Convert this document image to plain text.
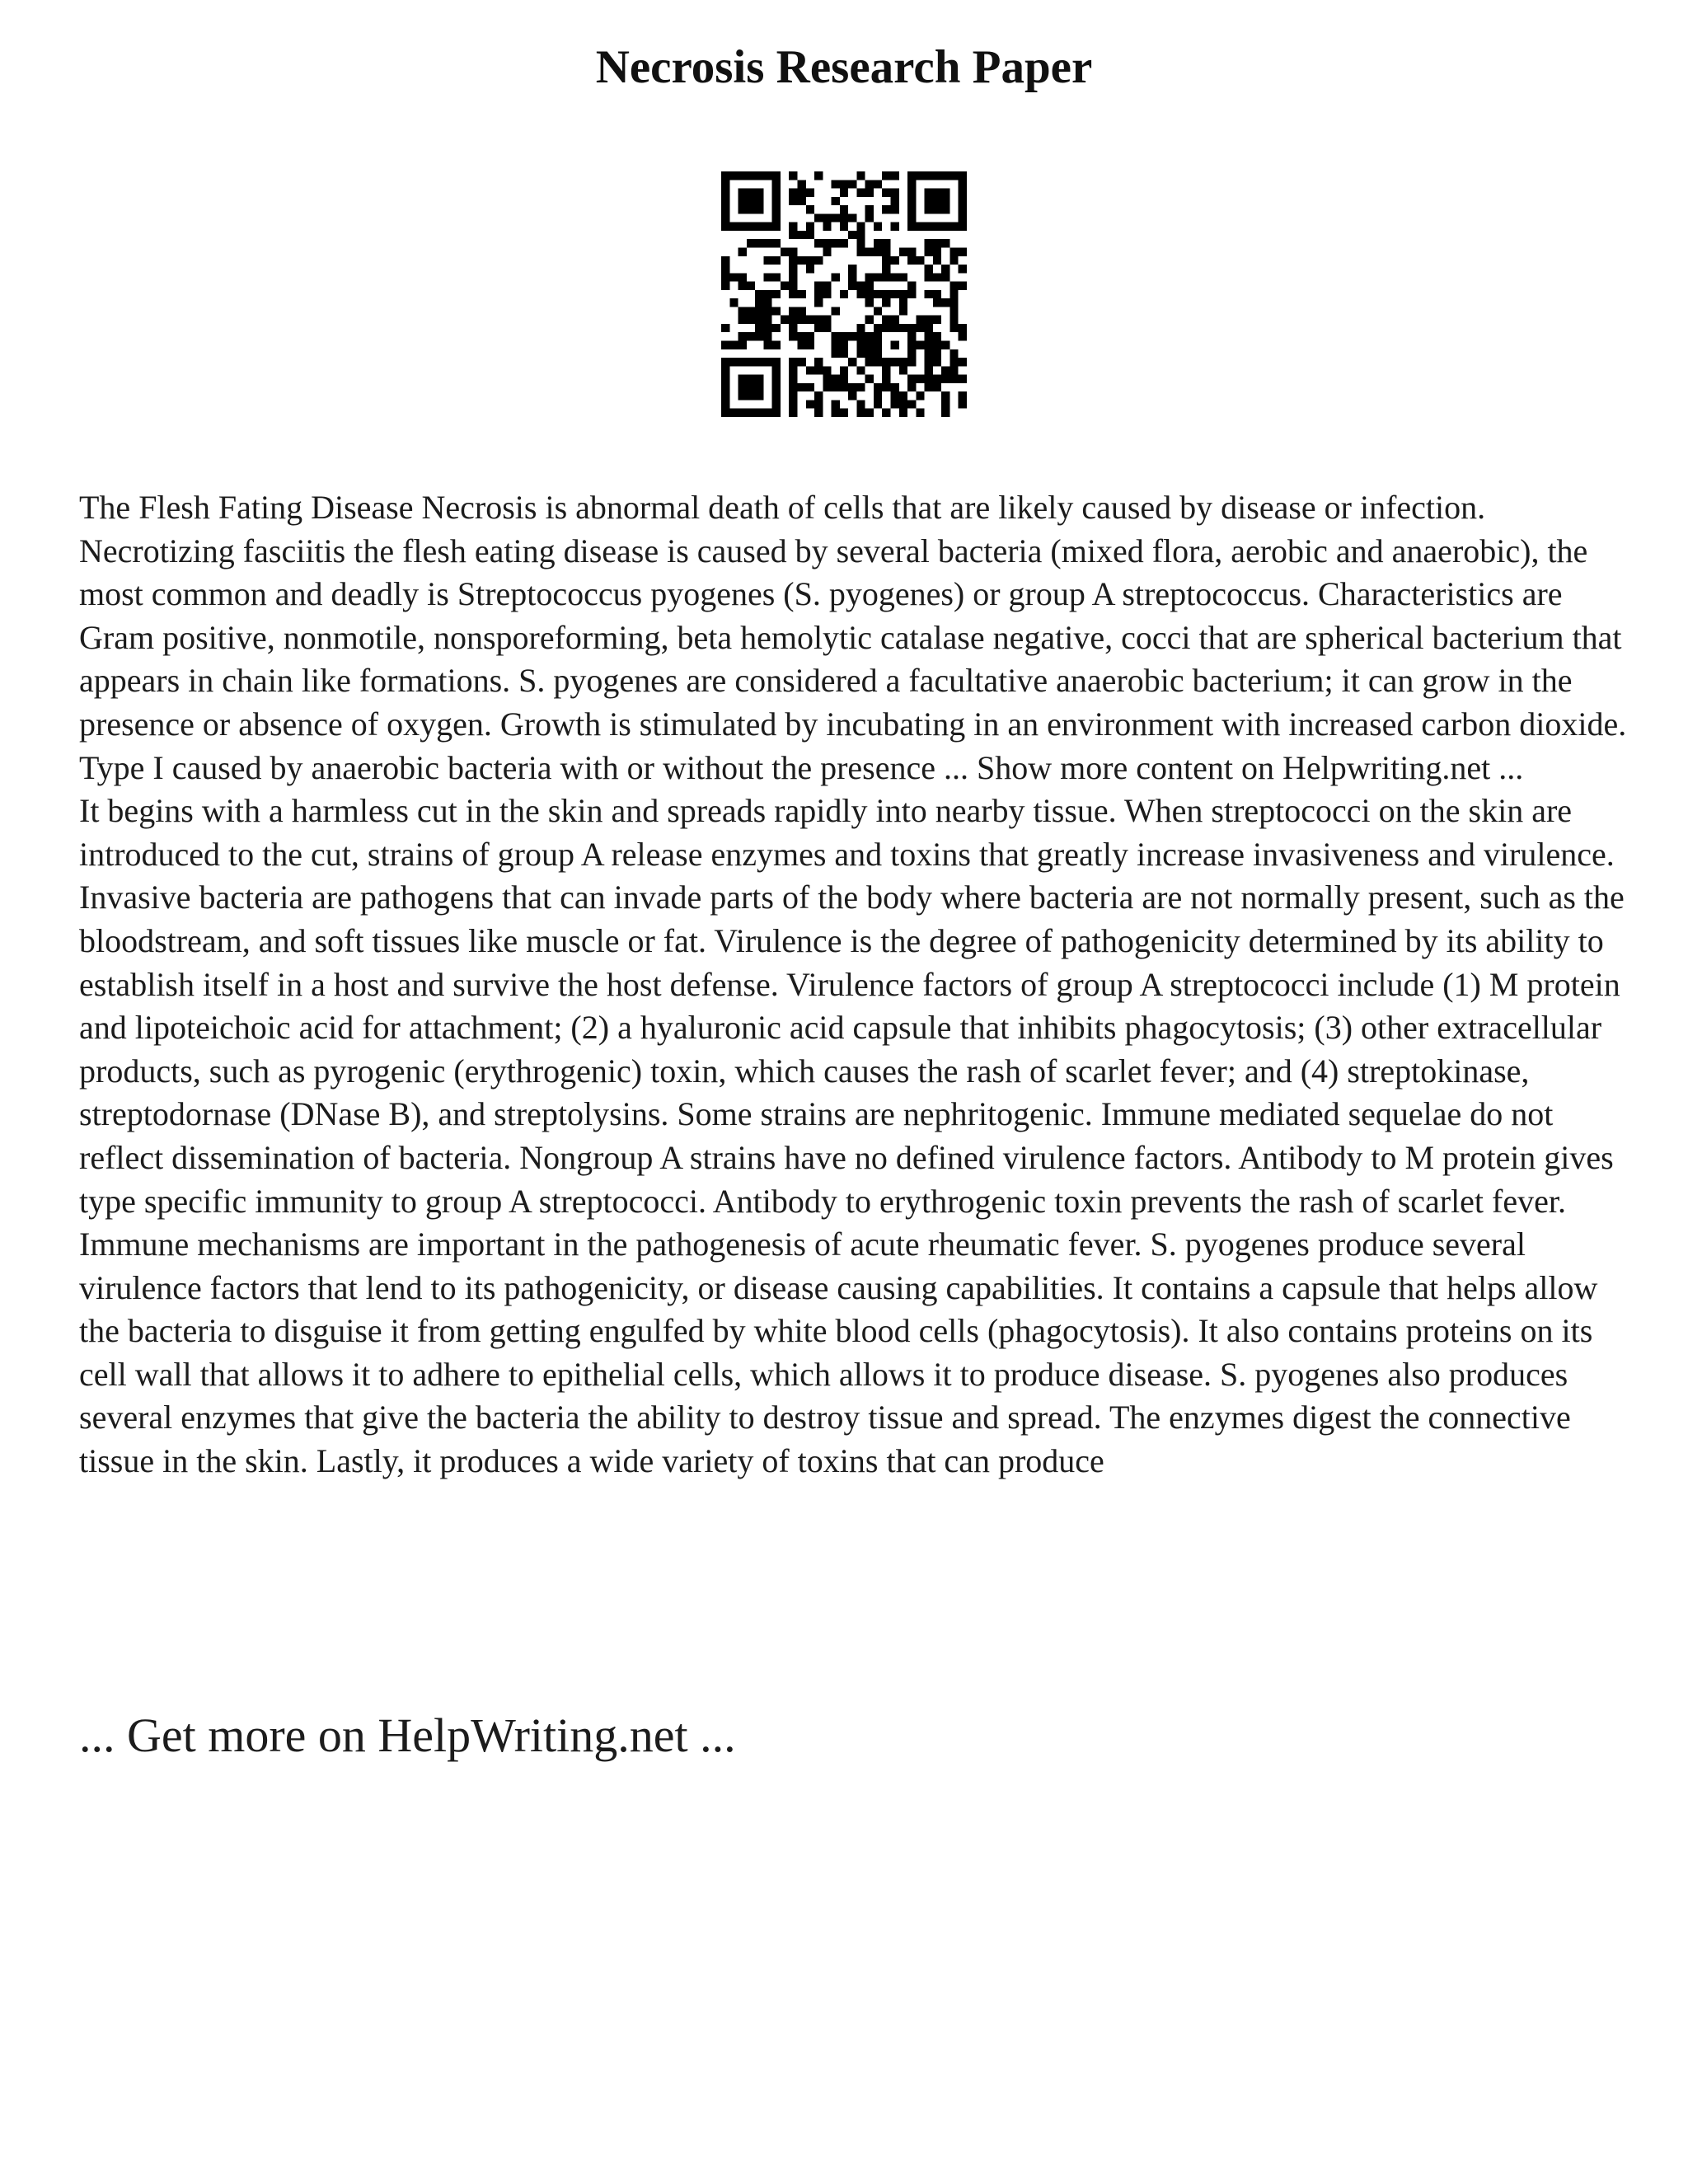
Necrosis Research Paper

The Flesh Fating Disease Necrosis is abnormal death of cells that are likely caused by disease or infection. Necrotizing fasciitis the flesh eating disease is caused by several bacteria (mixed flora, aerobic and anaerobic), the most common and deadly is Streptococcus pyogenes (S. pyogenes) or group A streptococcus. Characteristics are Gram positive, nonmotile, nonsporeforming, beta hemolytic catalase negative, cocci that are spherical bacterium that appears in chain like formations. S. pyogenes are considered a facultative anaerobic bacterium; it can grow in the presence or absence of oxygen. Growth is stimulated by incubating in an environment with increased carbon dioxide. Type I caused by anaerobic bacteria with or without the presence ... Show more content on Helpwriting.net ...

It begins with a harmless cut in the skin and spreads rapidly into nearby tissue. When streptococci on the skin are introduced to the cut, strains of group A release enzymes and toxins that greatly increase invasiveness and virulence. Invasive bacteria are pathogens that can invade parts of the body where bacteria are not normally present, such as the bloodstream, and soft tissues like muscle or fat. Virulence is the degree of pathogenicity determined by its ability to establish itself in a host and survive the host defense. Virulence factors of group A streptococci include (1) M protein and lipoteichoic acid for attachment; (2) a hyaluronic acid capsule that inhibits phagocytosis; (3) other extracellular products, such as pyrogenic (erythrogenic) toxin, which causes the rash of scarlet fever; and (4) streptokinase, streptodornase (DNase B), and streptolysins. Some strains are nephritogenic. Immune mediated sequelae do not reflect dissemination of bacteria. Nongroup A strains have no defined virulence factors. Antibody to M protein gives type specific immunity to group A streptococci. Antibody to erythrogenic toxin prevents the rash of scarlet fever. Immune mechanisms are important in the pathogenesis of acute rheumatic fever. S. pyogenes produce several virulence factors that lend to its pathogenicity, or disease causing capabilities. It contains a capsule that helps allow the bacteria to disguise it from getting engulfed by white blood cells (phagocytosis). It also contains proteins on its cell wall that allows it to adhere to epithelial cells, which allows it to produce disease. S. pyogenes also produces several enzymes that give the bacteria the ability to destroy tissue and spread. The enzymes digest the connective tissue in the skin. Lastly, it produces a wide variety of toxins that can produce

... Get more on HelpWriting.net ...
